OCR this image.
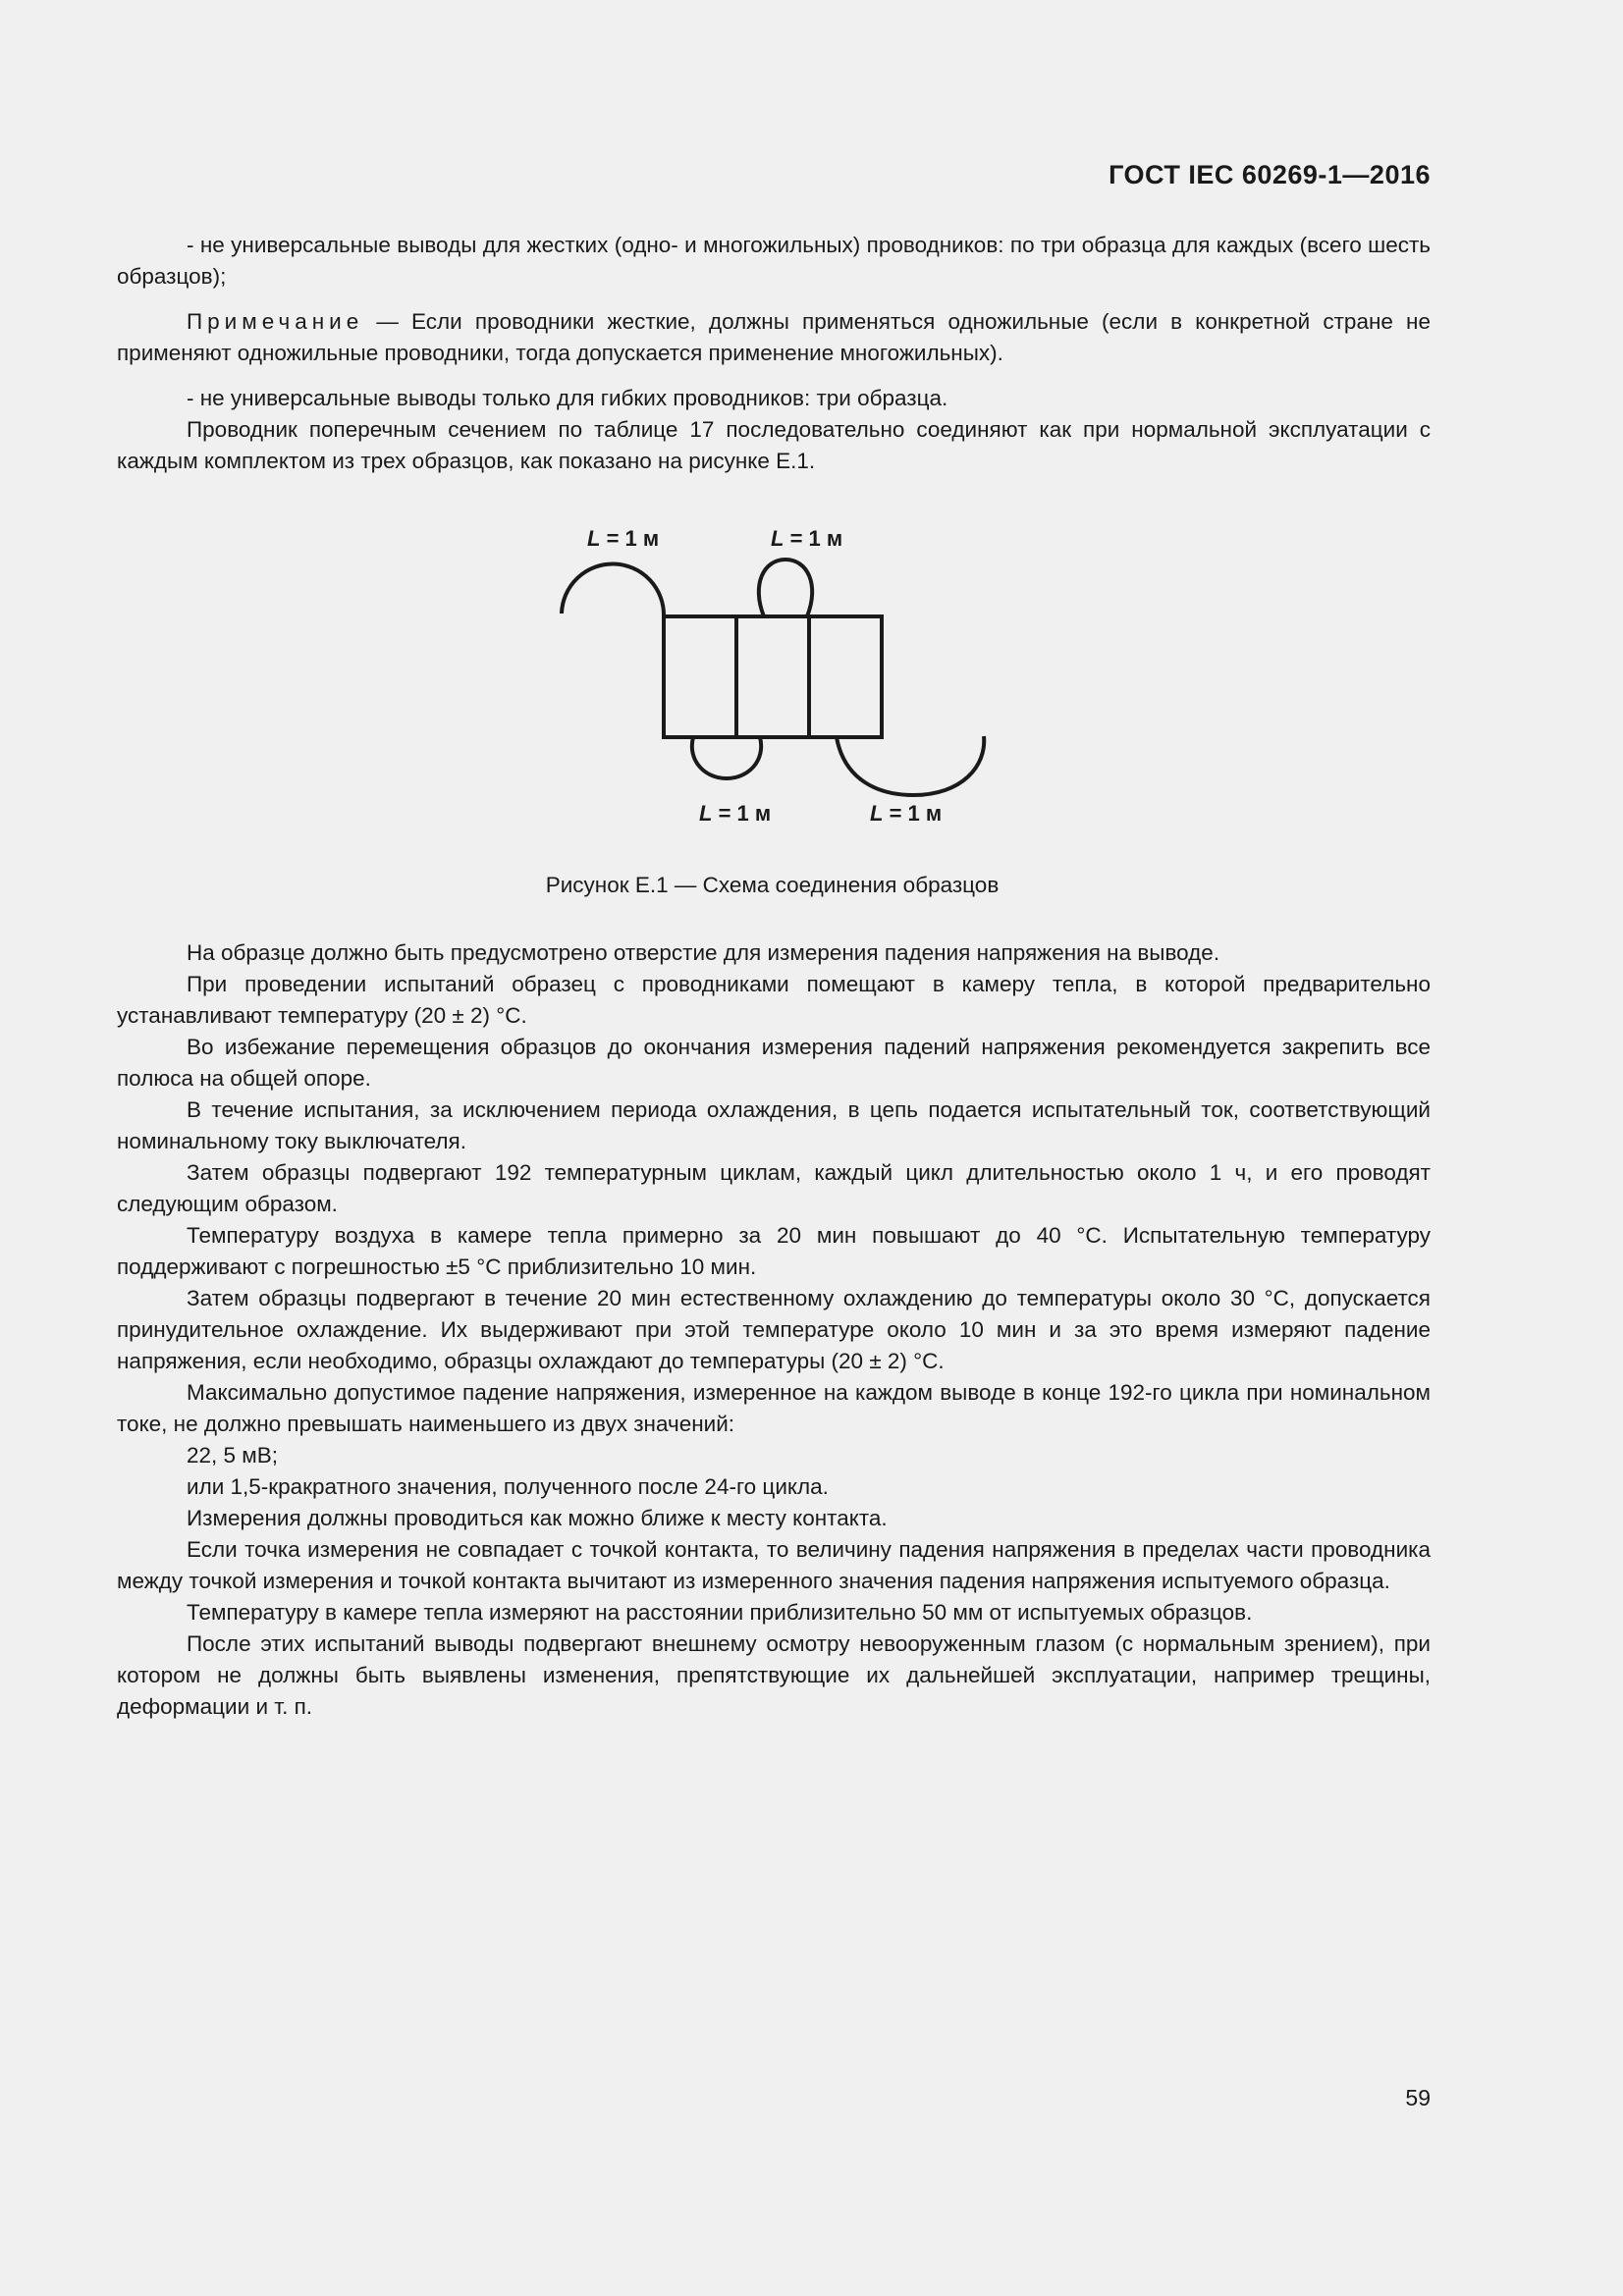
ГОСТ IEC 60269-1—2016

- не универсальные выводы для жестких (одно- и многожильных) проводников: по три образца для каждых (всего шесть образцов);

Примечание — Если проводники жесткие, должны применяться одножильные (если в конкретной стране не применяют одножильные проводники, тогда допускается применение многожильных).

- не универсальные выводы только для гибких проводников: три образца.

Проводник поперечным сечением по таблице 17 последовательно соединяют как при нормальной эксплуатации с каждым комплектом из трех образцов, как показано на рисунке Е.1.

L = 1 м	L = 1 м
L = 1 м	L = 1 м
Рисунок Е.1 — Схема соединения образцов

На образце должно быть предусмотрено отверстие для измерения падения напряжения на выводе.

При проведении испытаний образец с проводниками помещают в камеру тепла, в которой предварительно устанавливают температуру (20 ± 2) °С.

Во избежание перемещения образцов до окончания измерения падений напряжения рекомендуется закрепить все полюса на общей опоре.

В течение испытания, за исключением периода охлаждения, в цепь подается испытательный ток, соответствующий номинальному току выключателя.

Затем образцы подвергают 192 температурным циклам, каждый цикл длительностью около 1 ч, и его проводят следующим образом.

Температуру воздуха в камере тепла примерно за 20 мин повышают до 40 °С. Испытательную температуру поддерживают с погрешностью ±5 °С приблизительно 10 мин.

Затем образцы подвергают в течение 20 мин естественному охлаждению до температуры около 30 °С, допускается принудительное охлаждение. Их выдерживают при этой температуре около 10 мин и за это время измеряют падение напряжения, если необходимо, образцы охлаждают до температуры (20 ± 2) °С.

Максимально допустимое падение напряжения, измеренное на каждом выводе в конце 192-го цикла при номинальном токе, не должно превышать наименьшего из двух значений:

22, 5 мВ;

или 1,5-кракратного значения, полученного после 24-го цикла.

Измерения должны проводиться как можно ближе к месту контакта.

Если точка измерения не совпадает с точкой контакта, то величину падения напряжения в пределах части проводника между точкой измерения и точкой контакта вычитают из измеренного значения падения напряжения испытуемого образца.

Температуру в камере тепла измеряют на расстоянии приблизительно 50 мм от испытуемых образцов.

После этих испытаний выводы подвергают внешнему осмотру невооруженным глазом (с нормальным зрением), при котором не должны быть выявлены изменения, препятствующие их дальнейшей эксплуатации, например трещины, деформации и т. п.

59
